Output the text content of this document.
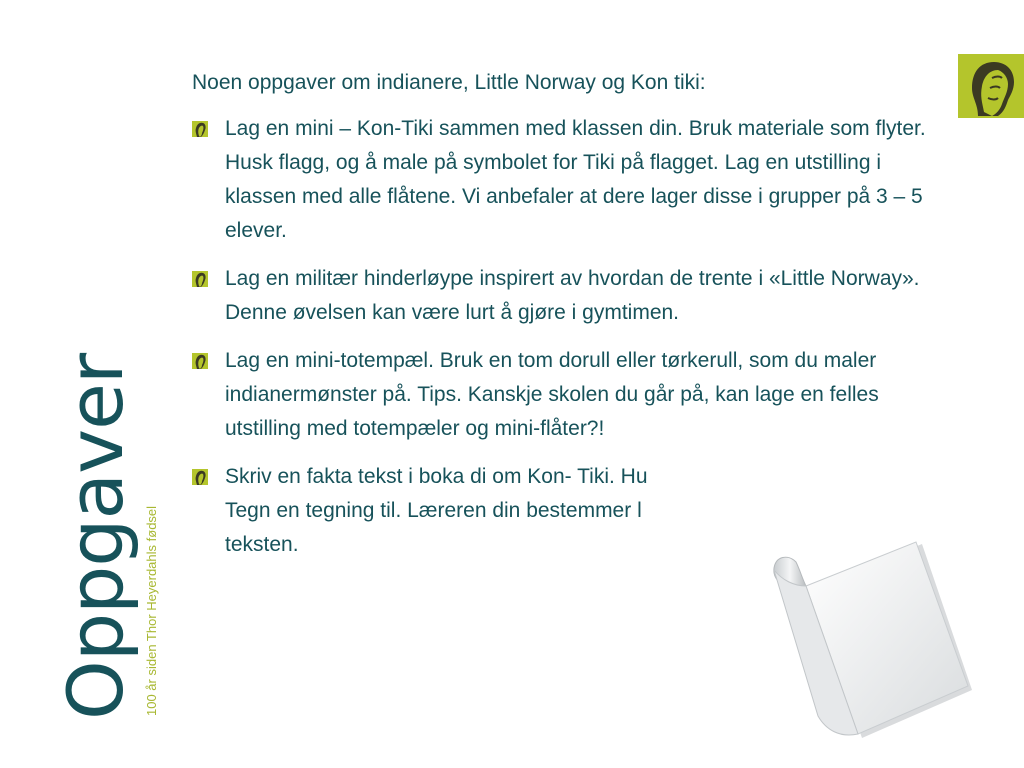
Oppgaver 100 år siden Thor Heyerdahls fødsel

Noen oppgaver om indianere, Little Norway og Kon tiki:

Lag en mini – Kon-Tiki sammen med klassen din. Bruk materiale som flyter. Husk flagg, og å male på symbolet for Tiki på flagget. Lag en utstilling i klassen med alle flåtene. Vi anbefaler at dere lager disse i grupper på 3 – 5 elever.
Lag en militær hinderløype inspirert av hvordan de trente i «Little Norway». Denne øvelsen kan være lurt å gjøre i gymtimen.
Lag en mini-totempæl. Bruk en tom dorull eller tørkerull, som du maler indianermønster på. Tips. Kanskje skolen du går på, kan lage en felles utstilling med totempæler og mini-flåter?!
Skriv en fakta tekst i boka di om Kon- Tiki. Hu
Tegn en tegning til. Læreren din bestemmer l
teksten.
